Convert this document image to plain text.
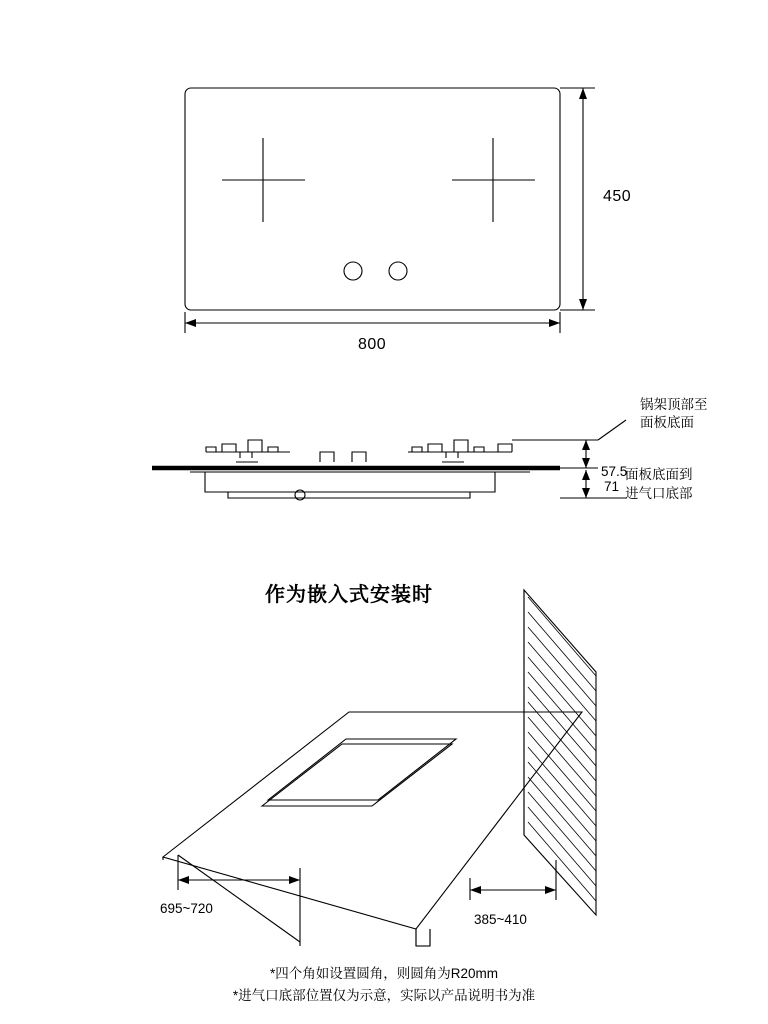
800
450
57.5
71
锅架顶部至
面板底面
面板底面到
进气口底部
作为嵌入式安装时
695~720
385~410
*四个角如设置圆角，则圆角为R20mm
*进气口底部位置仅为示意，实际以产品说明书为准
